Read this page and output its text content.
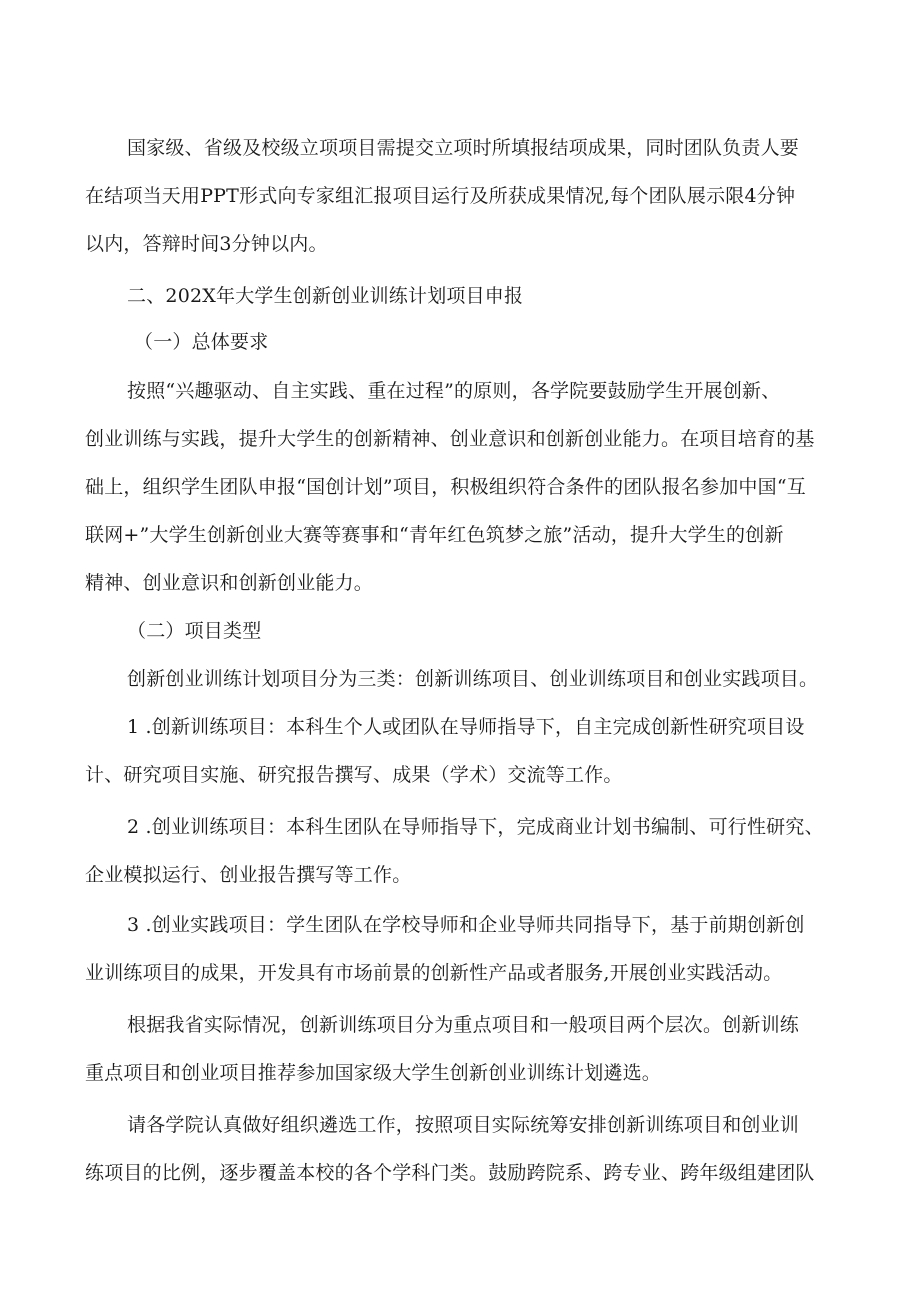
国家级、省级及校级立项项目需提交立项时所填报结项成果，同时团队负责人要
在结项当天用PPT形式向专家组汇报项目运行及所获成果情况,每个团队展示限4分钟
以内，答辩时间3分钟以内。
二、202X年大学生创新创业训练计划项目申报
（一）总体要求
按照“兴趣驱动、自主实践、重在过程”的原则，各学院要鼓励学生开展创新、
创业训练与实践，提升大学生的创新精神、创业意识和创新创业能力。在项目培育的基
础上，组织学生团队申报“国创计划”项目，积极组织符合条件的团队报名参加中国“互
联网+”大学生创新创业大赛等赛事和“青年红色筑梦之旅”活动，提升大学生的创新
精神、创业意识和创新创业能力。
（二）项目类型
创新创业训练计划项目分为三类：创新训练项目、创业训练项目和创业实践项目。
1 .创新训练项目：本科生个人或团队在导师指导下，自主完成创新性研究项目设
计、研究项目实施、研究报告撰写、成果（学术）交流等工作。
2 .创业训练项目：本科生团队在导师指导下，完成商业计划书编制、可行性研究、
企业模拟运行、创业报告撰写等工作。
3 .创业实践项目：学生团队在学校导师和企业导师共同指导下，基于前期创新创
业训练项目的成果，开发具有市场前景的创新性产品或者服务,开展创业实践活动。
根据我省实际情况，创新训练项目分为重点项目和一般项目两个层次。创新训练
重点项目和创业项目推荐参加国家级大学生创新创业训练计划遴选。
请各学院认真做好组织遴选工作，按照项目实际统筹安排创新训练项目和创业训
练项目的比例，逐步覆盖本校的各个学科门类。鼓励跨院系、跨专业、跨年级组建团队
